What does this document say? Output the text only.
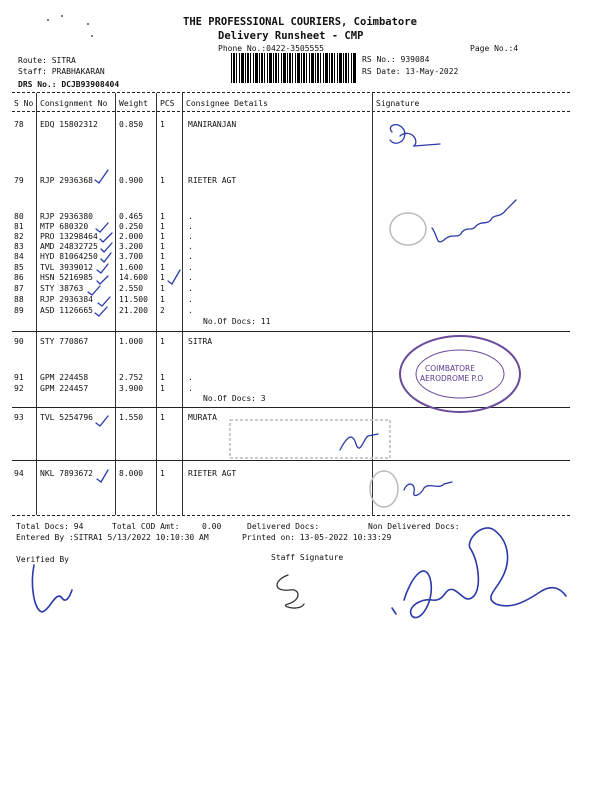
THE PROFESSIONAL COURIERS, Coimbatore
Delivery Runsheet - CMP
Phone No.:0422-3505555	Page No.:4
Route: SITRA
Staff: PRABHAKARAN
DRS No.: DCJB93908404
RS No.: 939084
RS Date: 13-May-2022
S No Consignment No Weight PCS Consignee Details	Signature
78 EDQ 15802312	0.850 1	MANIRANJAN
79 RJP 2936368	0.900 1	RIETER AGT
80 RJP 2936380	0.465 1	.
81 MTP 680320	0.250 1	.
82 PRO 13298464	2.000 1	.
83 AMD 24832725	3.200 1	.
84 HYD 81064250	3.700 1	.
85 TVL 3939012	1.600 1	.
86 HSN 5216985	14.600 1	.
87 STY 38763	2.550 1	.
88 RJP 2936384	11.500 1	.
89 ASD 1126665	21.200 2	.
No.Of Docs: 11
90 STY 770867	1.000 1	SITRA
91 GPM 224458	2.752 1	.
92 GPM 224457	3.900 1	.
No.Of Docs: 3
93 TVL 5254796	1.550 1	MURATA
94 NKL 7893672	8.000 1	RIETER AGT
Total Docs: 94	Total COD Amt:	0.00	Delivered Docs:	Non Delivered Docs:
Entered By :SITRA1 5/13/2022 10:10:30 AM	Printed on: 13-05-2022 10:33:29
Verified By	Staff Signature
COIMBATORE
AERODROME P.O
